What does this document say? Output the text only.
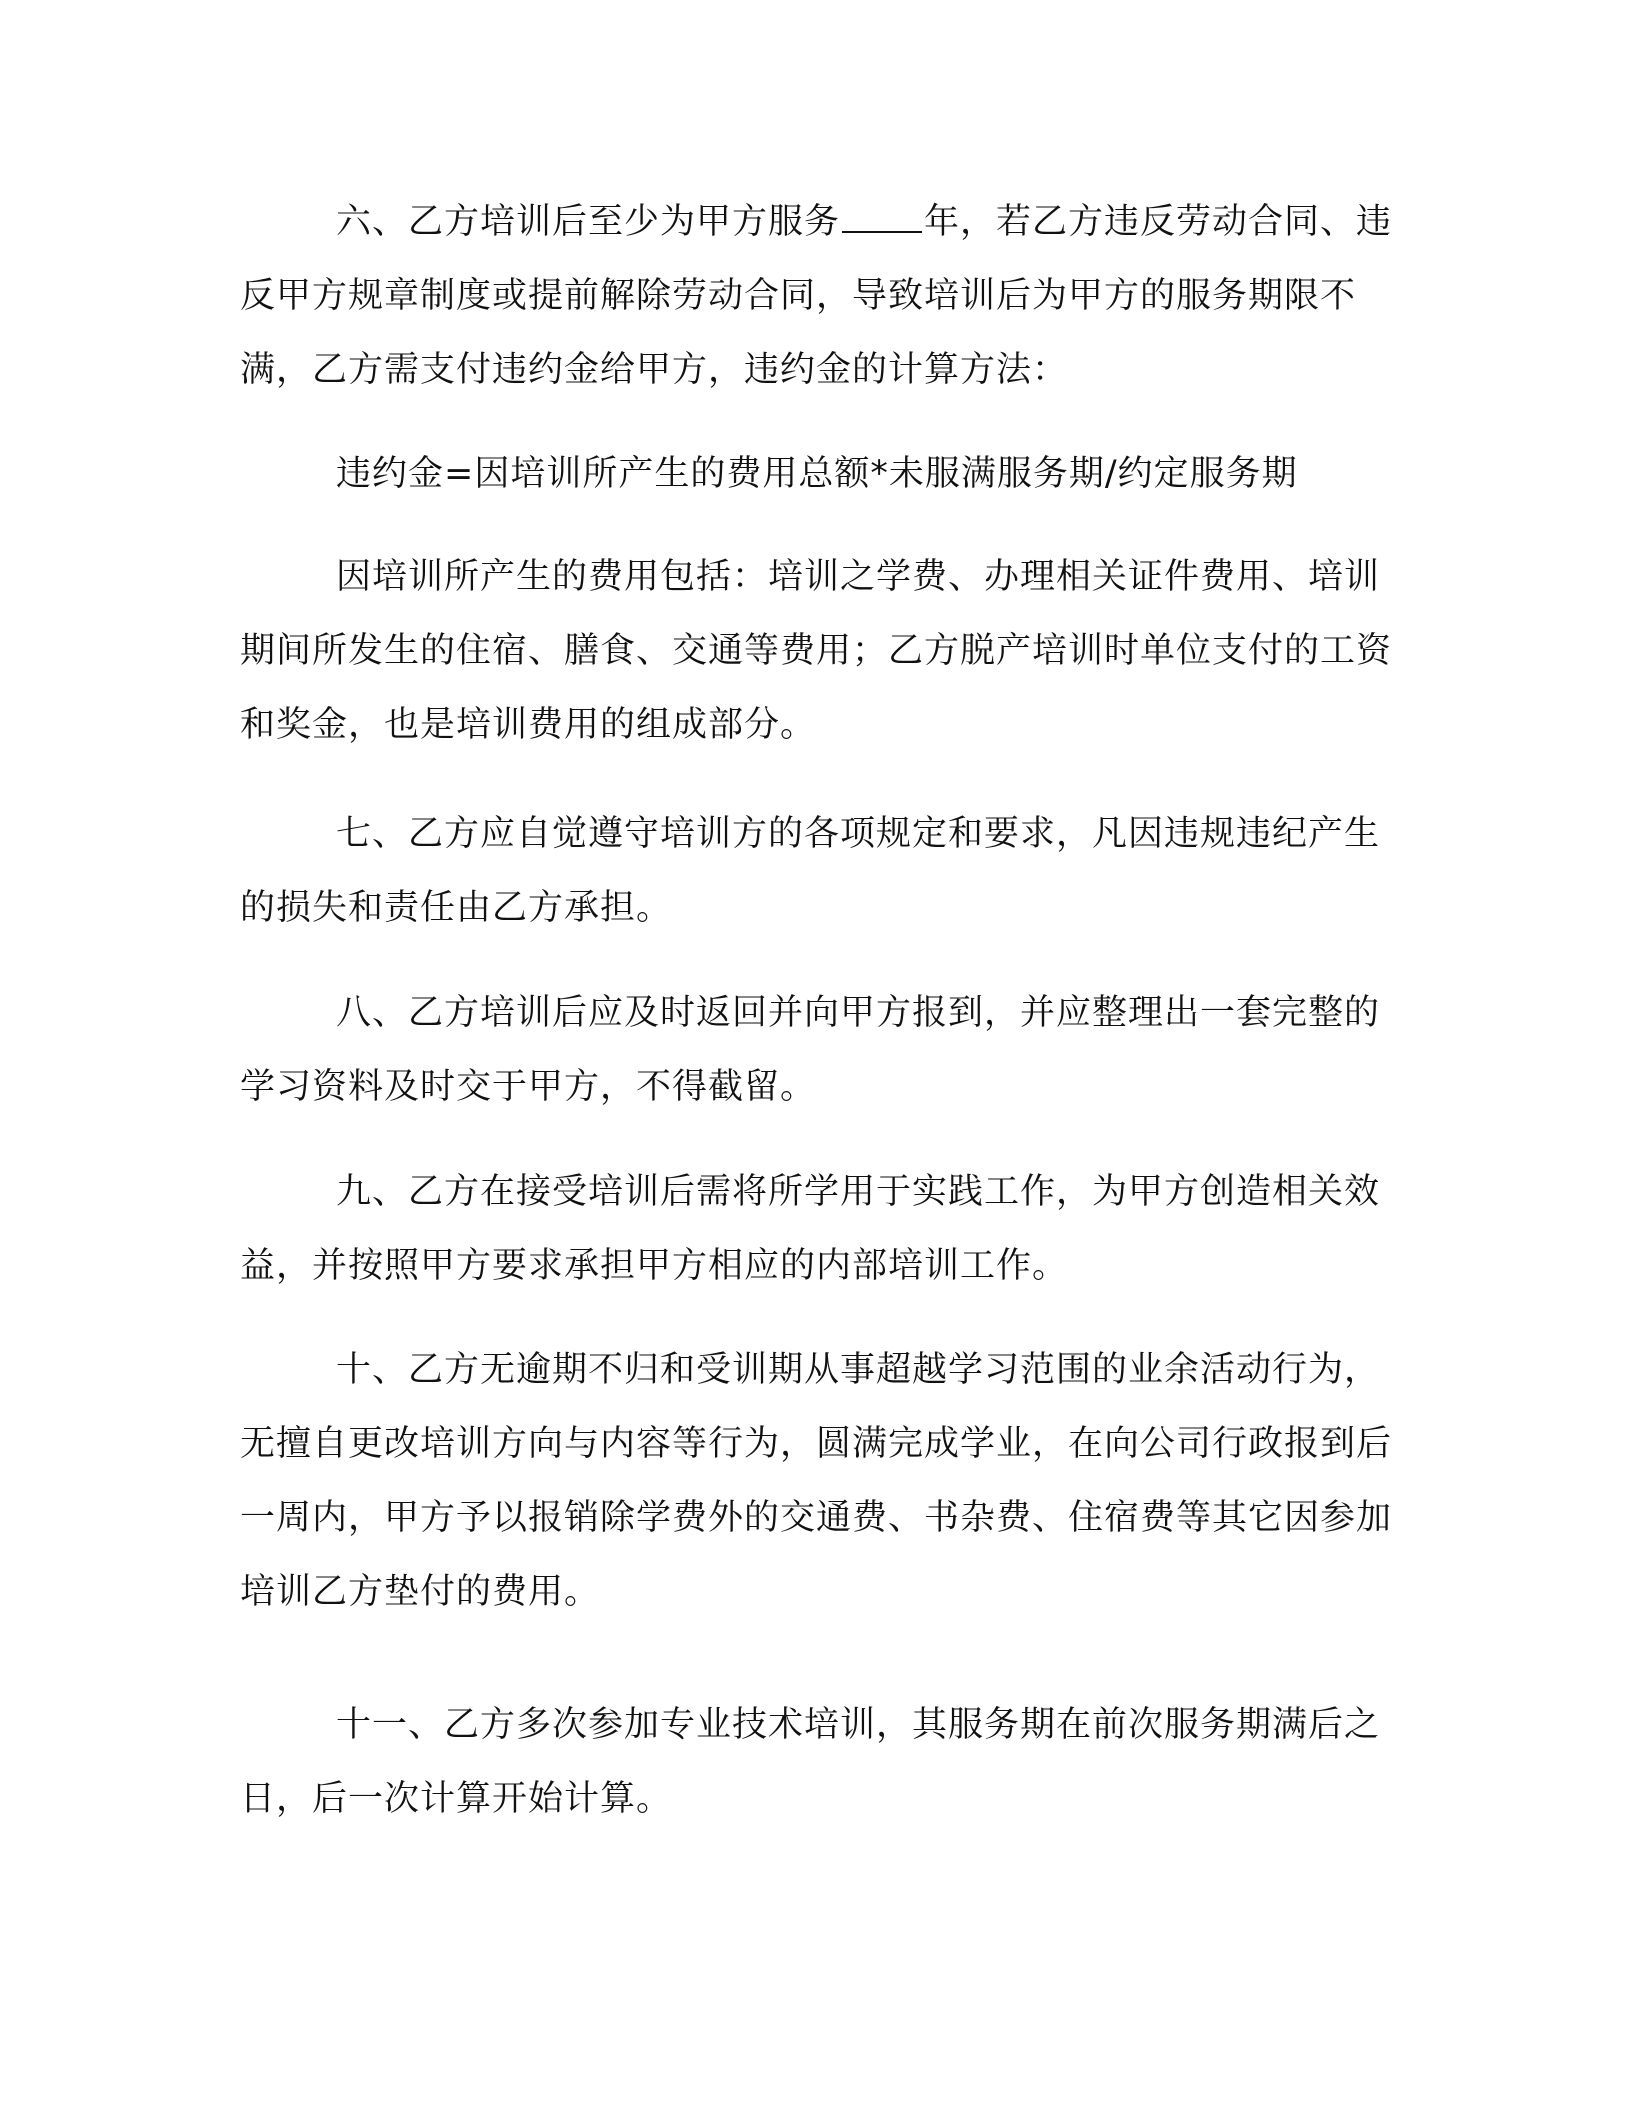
六、乙方培训后至少为甲方服务 年，若乙方违反劳动合同、违反甲方规章制度或提前解除劳动合同，导致培训后为甲方的服务期限不满，乙方需支付违约金给甲方，违约金的计算方法：

违约金=因培训所产生的费用总额*未服满服务期/约定服务期

因培训所产生的费用包括：培训之学费、办理相关证件费用、培训期间所发生的住宿、膳食、交通等费用；乙方脱产培训时单位支付的工资和奖金，也是培训费用的组成部分。

七、乙方应自觉遵守培训方的各项规定和要求，凡因违规违纪产生的损失和责任由乙方承担。

八、乙方培训后应及时返回并向甲方报到，并应整理出一套完整的学习资料及时交于甲方，不得截留。

九、乙方在接受培训后需将所学用于实践工作，为甲方创造相关效益，并按照甲方要求承担甲方相应的内部培训工作。

十、乙方无逾期不归和受训期从事超越学习范围的业余活动行为，无擅自更改培训方向与内容等行为，圆满完成学业，在向公司行政报到后一周内，甲方予以报销除学费外的交通费、书杂费、住宿费等其它因参加培训乙方垫付的费用。

十一、乙方多次参加专业技术培训，其服务期在前次服务期满后之日，后一次计算开始计算。
